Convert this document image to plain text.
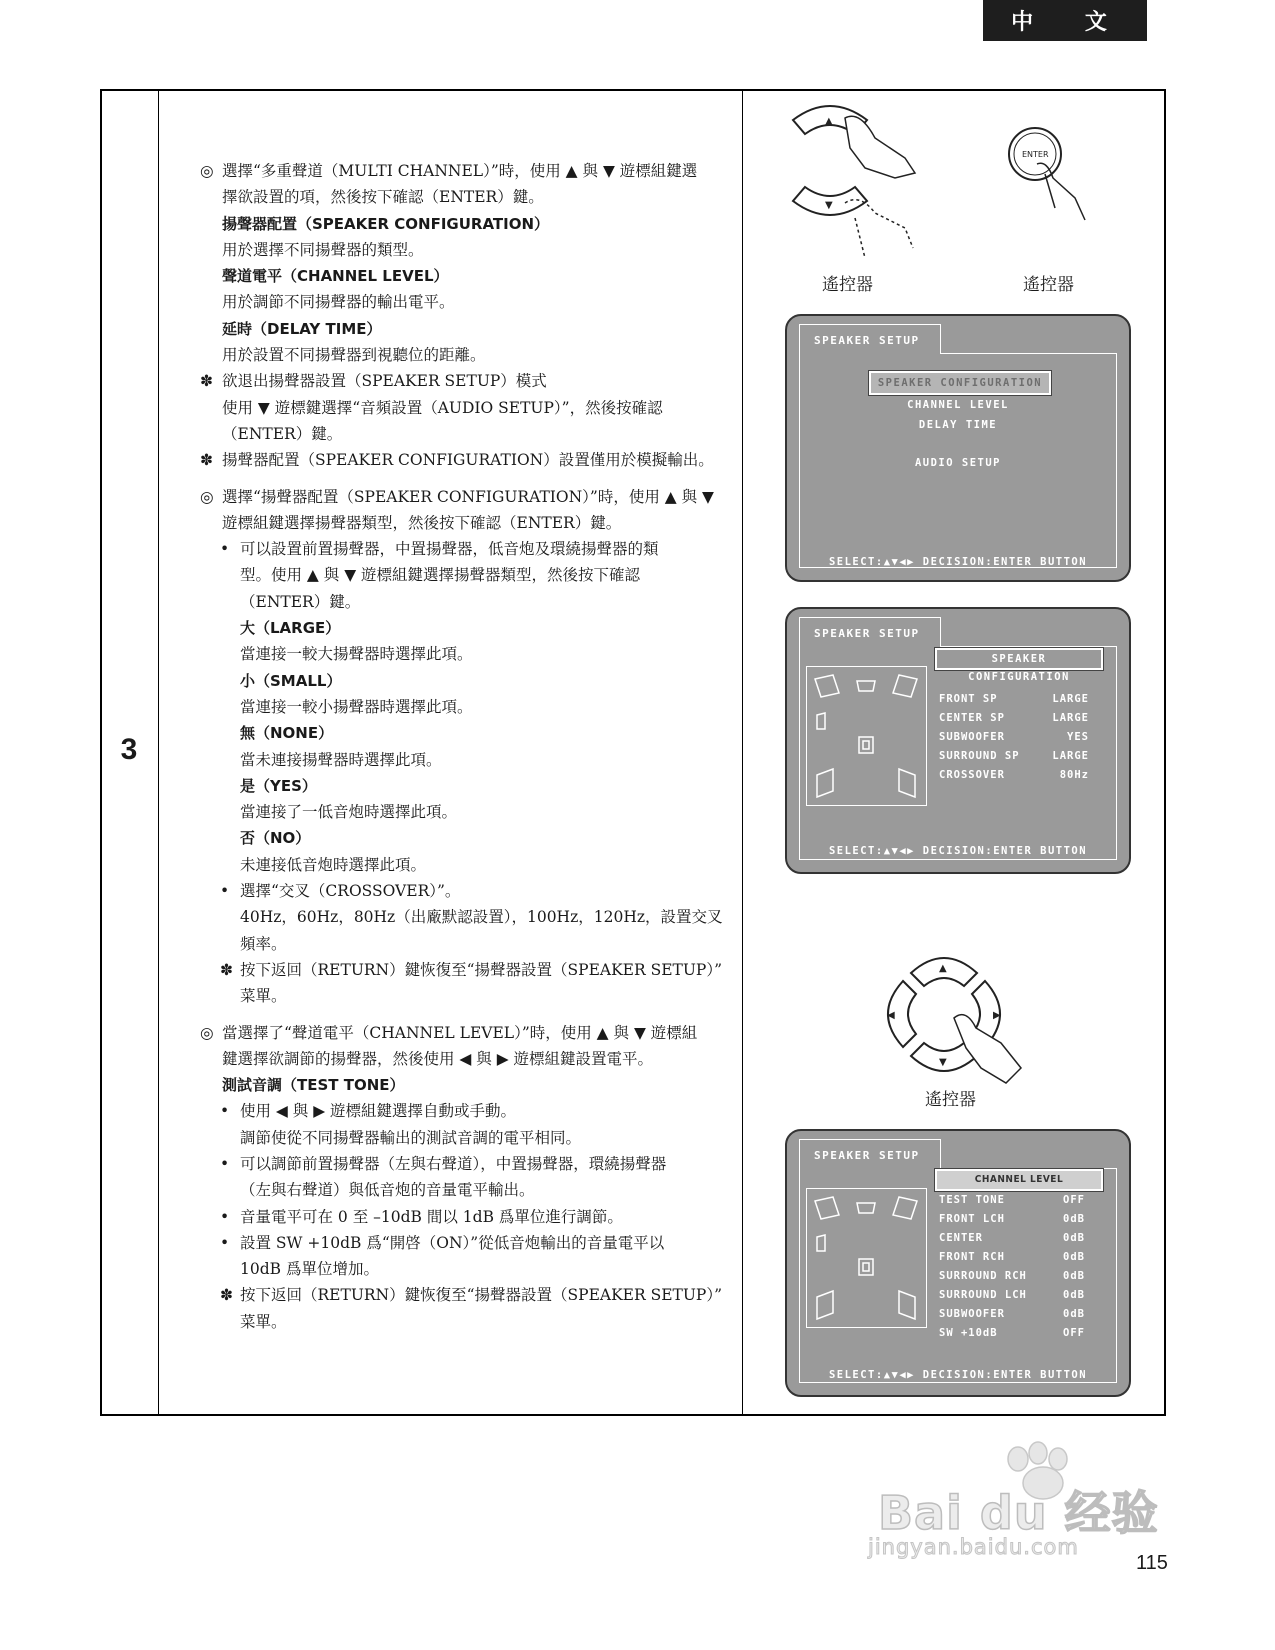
中 文
3
◎ 選擇“多重聲道（MULTI CHANNEL）”時，使用 ▲ 與 ▼ 遊標組鍵選
擇欲設置的項，然後按下確認（ENTER）鍵。
揚聲器配置（SPEAKER CONFIGURATION）
用於選擇不同揚聲器的類型。
聲道電平（CHANNEL LEVEL）
用於調節不同揚聲器的輸出電平。
延時（DELAY TIME）
用於設置不同揚聲器到視聽位的距離。
✽ 欲退出揚聲器設置（SPEAKER SETUP）模式
使用 ▼ 遊標鍵選擇“音頻設置（AUDIO SETUP）”，然後按確認
（ENTER）鍵。
✽ 揚聲器配置（SPEAKER CONFIGURATION）設置僅用於模擬輸出。
◎ 選擇“揚聲器配置（SPEAKER CONFIGURATION）”時，使用 ▲ 與 ▼
遊標組鍵選擇揚聲器類型，然後按下確認（ENTER）鍵。
• 可以設置前置揚聲器，中置揚聲器，低音炮及環繞揚聲器的類
型。使用 ▲ 與 ▼ 遊標組鍵選擇揚聲器類型，然後按下確認
（ENTER）鍵。
大（LARGE）
當連接一較大揚聲器時選擇此項。
小（SMALL）
當連接一較小揚聲器時選擇此項。
無（NONE）
當未連接揚聲器時選擇此項。
是（YES）
當連接了一低音炮時選擇此項。
否（NO）
未連接低音炮時選擇此項。
• 選擇“交叉（CROSSOVER）”。
40Hz，60Hz，80Hz（出廠默認設置），100Hz，120Hz，設置交叉
頻率。
✽ 按下返回（RETURN）鍵恢復至“揚聲器設置（SPEAKER SETUP）”
菜單。
◎ 當選擇了“聲道電平（CHANNEL LEVEL）”時，使用 ▲ 與 ▼ 遊標組
鍵選擇欲調節的揚聲器，然後使用 ◀ 與 ▶ 遊標組鍵設置電平。
測試音調（TEST TONE）
• 使用 ◀ 與 ▶ 遊標組鍵選擇自動或手動。
調節使從不同揚聲器輸出的測試音調的電平相同。
• 可以調節前置揚聲器（左與右聲道），中置揚聲器，環繞揚聲器
（左與右聲道）與低音炮的音量電平輸出。
• 音量電平可在 0 至 –10dB 間以 1dB 爲單位進行調節。
• 設置 SW +10dB 爲“開啓（ON）”從低音炮輸出的音量電平以
10dB 爲單位增加。
✽ 按下返回（RETURN）鍵恢復至“揚聲器設置（SPEAKER SETUP）”
菜單。
▲
▼
ENTER
遙控器	遙控器
SPEAKER SETUP
SPEAKER CONFIGURATION
CHANNEL LEVEL
DELAY TIME
AUDIO SETUP
SELECT:▲▼◀▶ DECISION:ENTER BUTTON
SPEAKER SETUP
SPEAKER CONFIGURATION
FRONT SP	LARGE
CENTER SP	LARGE
SUBWOOFER	YES
SURROUND SP	LARGE
CROSSOVER	80Hz
SELECT:▲▼◀▶ DECISION:ENTER BUTTON
▲
▼
◀	▶
遙控器
SPEAKER SETUP
CHANNEL LEVEL
TEST TONE	OFF
FRONT LCH	0dB
CENTER	0dB
FRONT RCH	0dB
SURROUND RCH	0dB
SURROUND LCH	0dB
SUBWOOFER	0dB
SW +10dB	OFF
SELECT:▲▼◀▶ DECISION:ENTER BUTTON
Bai du 经验
jingyan.baidu.com
115
